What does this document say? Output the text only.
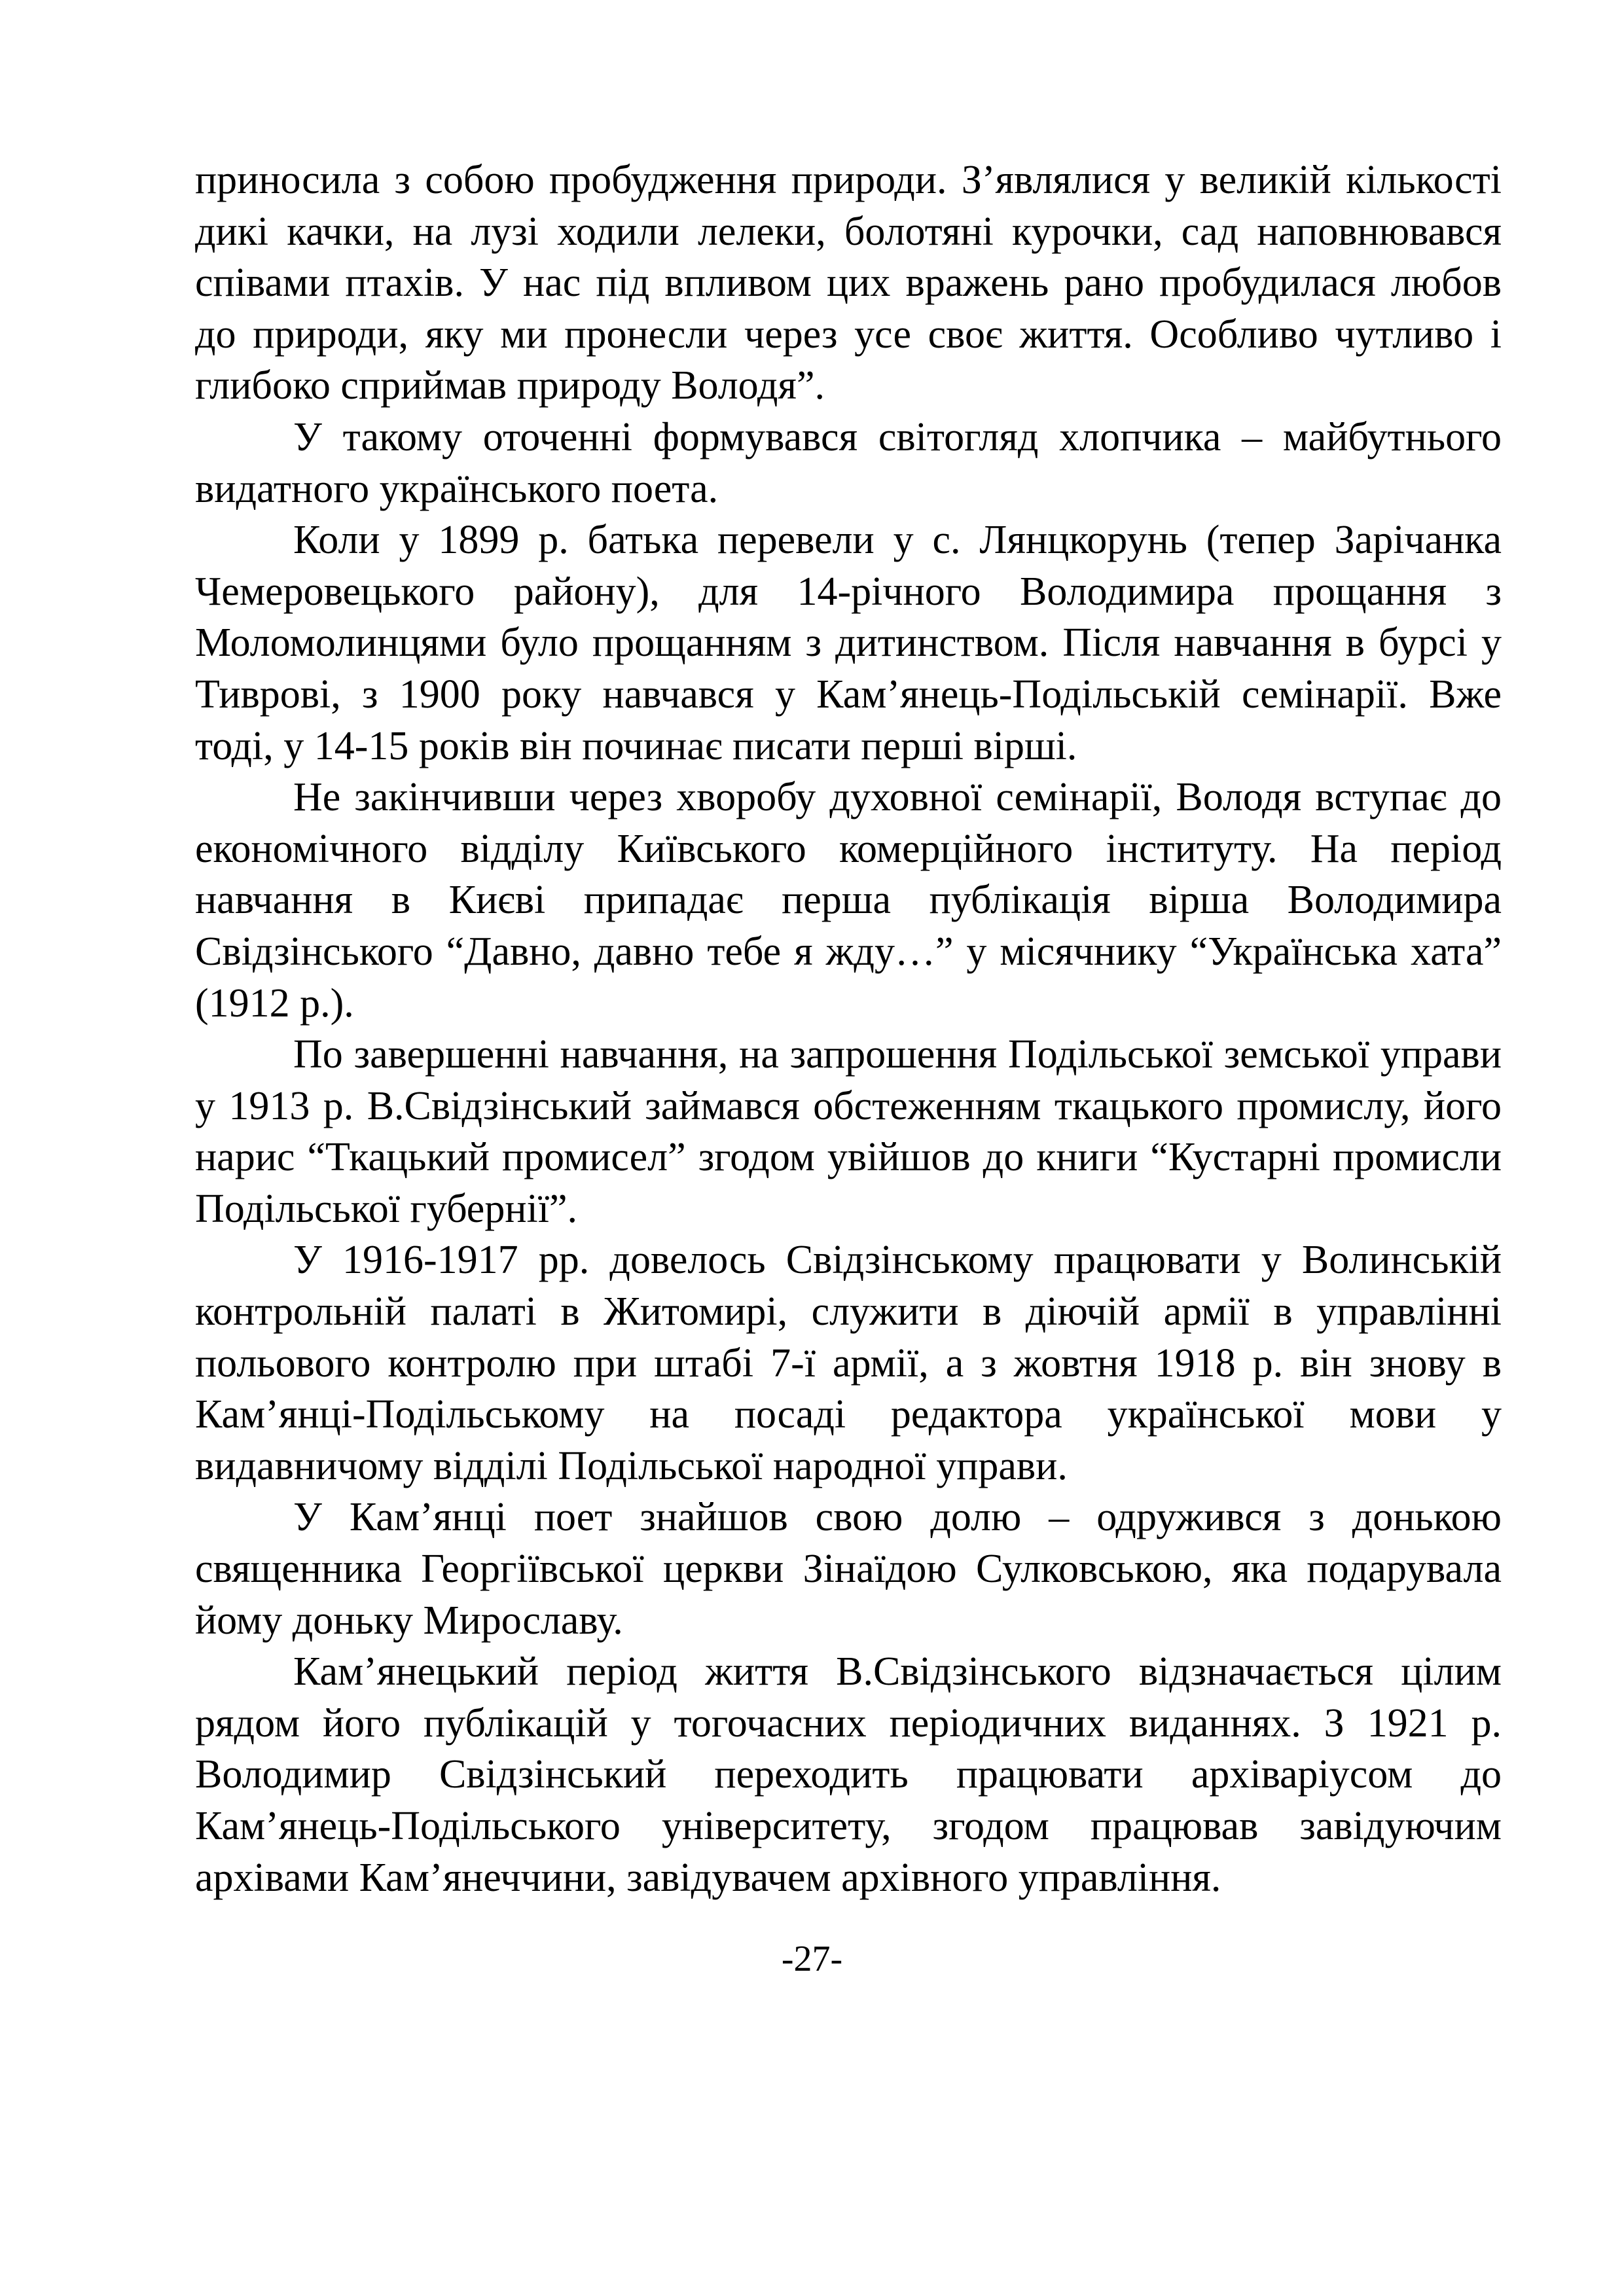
приносила з собою пробудження природи. З’являлися у великій кількості дикі качки, на лузі ходили лелеки, болотяні курочки, сад наповнювався співами птахів. У нас під впливом цих вражень рано пробудилася любов до природи, яку ми пронесли через усе своє життя. Особливо чутливо і глибоко сприймав природу Володя”.

У такому оточенні формувався світогляд хлопчика – майбутнього видатного українського поета.

Коли у 1899 р. батька перевели у с. Лянцкорунь (тепер Зарічанка Чемеровецького району), для 14-річного Володимира прощання з Моломолинцями було прощанням з дитинством. Після навчання в бурсі у Тиврові, з 1900 року навчався у Кам’янець-Подільській семінарії. Вже тоді, у 14-15 років він починає писати перші вірші.

Не закінчивши через хворобу духовної семінарії, Володя вступає до економічного відділу Київського комерційного інституту. На період навчання в Києві припадає перша публікація вірша Володимира Свідзінського “Давно, давно тебе я жду…” у місячнику “Українська хата” (1912 р.).

По завершенні навчання, на запрошення Подільської земської управи у 1913 р. В.Свідзінський займався обстеженням ткацького промислу, його нарис “Ткацький промисел” згодом увійшов до книги “Кустарні промисли Подільської губернії”.

У 1916-1917 рр. довелось Свідзінському працювати у Волинській контрольній палаті в Житомирі, служити в діючій армії в управлінні польового контролю при штабі 7-ї армії, а з жовтня 1918 р. він знову в Кам’янці-Подільському на посаді редактора української мови у видавничому відділі Подільської народної управи.

У Кам’янці поет знайшов свою долю – одружився з донькою священника Георгіївської церкви Зінаїдою Сулковською, яка подарувала йому доньку Мирославу.

Кам’янецький період життя В.Свідзінського відзначається цілим рядом його публікацій у тогочасних періодичних виданнях. З 1921 р. Володимир Свідзінський переходить працювати архіваріусом до Кам’янець-Подільського університету, згодом працював завідуючим архівами Кам’янеччини, завідувачем архівного управління.

-27-
